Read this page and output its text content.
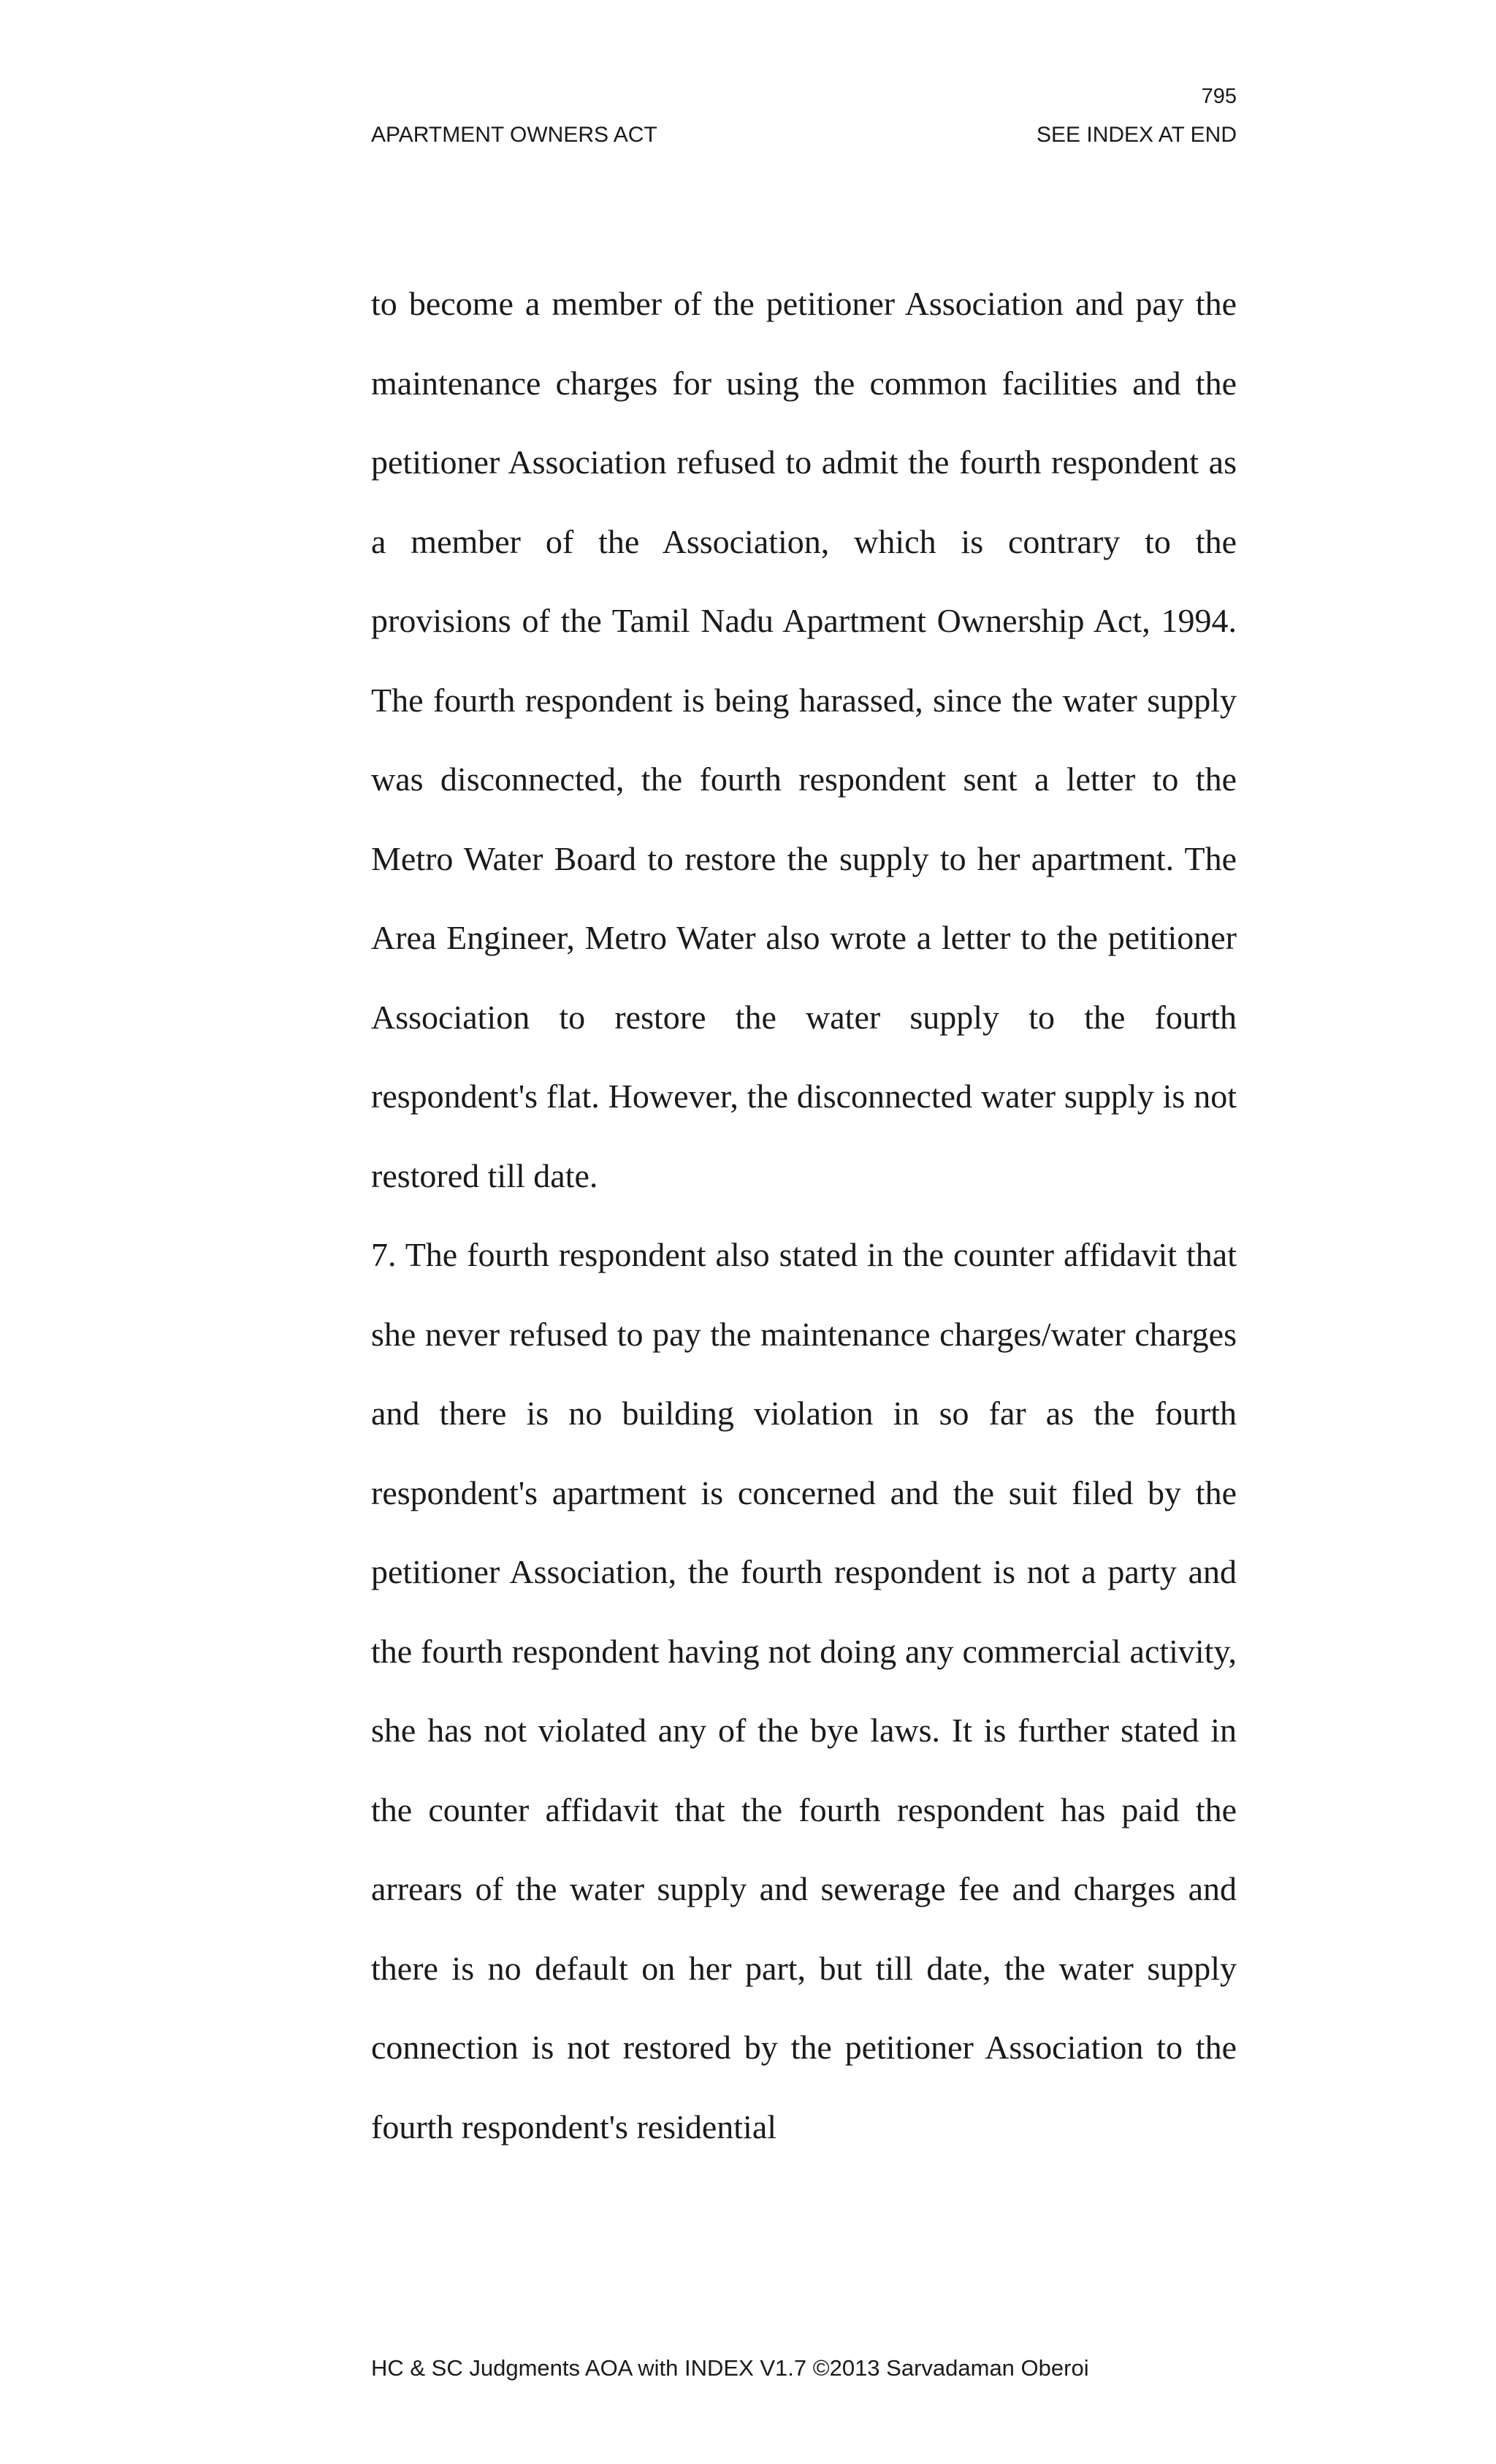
795
APARTMENT OWNERS ACT	SEE INDEX AT END

to become a member of the petitioner Association and pay the maintenance charges for using the common facilities and the petitioner Association refused to admit the fourth respondent as a member of the Association, which is contrary to the provisions of the Tamil Nadu Apartment Ownership Act, 1994. The fourth respondent is being harassed, since the water supply was disconnected, the fourth respondent sent a letter to the Metro Water Board to restore the supply to her apartment. The Area Engineer, Metro Water also wrote a letter to the petitioner Association to restore the water supply to the fourth respondent's flat. However, the disconnected water supply is not restored till date.

7. The fourth respondent also stated in the counter affidavit that she never refused to pay the maintenance charges/water charges and there is no building violation in so far as the fourth respondent's apartment is concerned and the suit filed by the petitioner Association, the fourth respondent is not a party and the fourth respondent having not doing any commercial activity, she has not violated any of the bye laws. It is further stated in the counter affidavit that the fourth respondent has paid the arrears of the water supply and sewerage fee and charges and there is no default on her part, but till date, the water supply connection is not restored by the petitioner Association to the fourth respondent's residential

HC & SC Judgments AOA with INDEX V1.7 ©2013 Sarvadaman Oberoi
